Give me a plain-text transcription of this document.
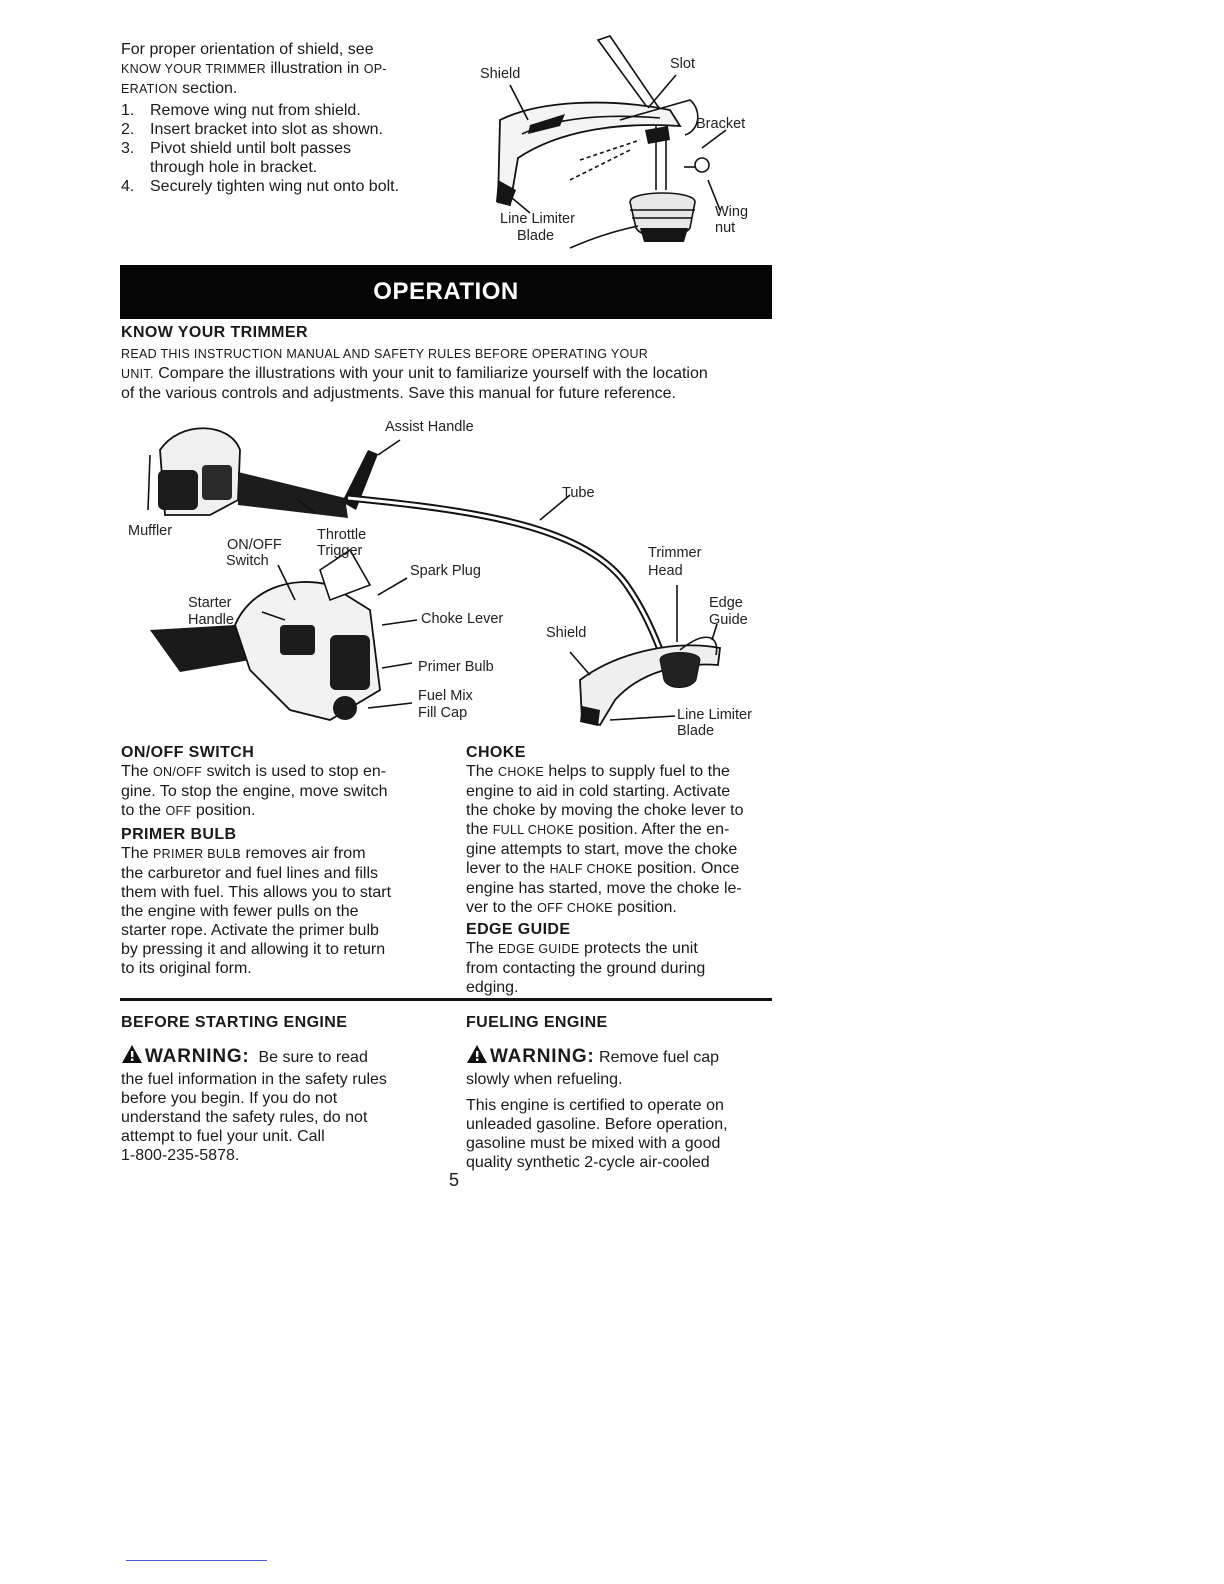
For proper orientation of shield, see
KNOW YOUR TRIMMER illustration in OP-
ERATION section.
1. Remove wing nut from shield.
2. Insert bracket into slot as shown.
3. Pivot shield until bolt passes through hole in bracket.
4. Securely tighten wing nut onto bolt.
Shield
Slot
Bracket
Wing
nut
Line Limiter
Blade
OPERATION
KNOW YOUR TRIMMER
READ THIS INSTRUCTION MANUAL AND SAFETY RULES BEFORE OPERATING YOUR
UNIT. Compare the illustrations with your unit to familiarize yourself with the location
of the various controls and adjustments. Save this manual for future reference.
Assist Handle
Tube
Muffler	Throttle
Trigger
ON/OFF
Switch	Trimmer
Head
Spark Plug
Starter
Handle	Choke Lever
Edge
Guide
Shield
Primer Bulb
Fuel Mix
Fill Cap	Line Limiter
Blade
ON/OFF SWITCH
The ON/OFF switch is used to stop en-
gine. To stop the engine, move switch
to the OFF position.
PRIMER BULB
The PRIMER BULB removes air from
the carburetor and fuel lines and fills
them with fuel. This allows you to start
the engine with fewer pulls on the
starter rope. Activate the primer bulb
by pressing it and allowing it to return
to its original form.
CHOKE
The CHOKE helps to supply fuel to the
engine to aid in cold starting. Activate
the choke by moving the choke lever to
the FULL CHOKE position. After the en-
gine attempts to start, move the choke
lever to the HALF CHOKE position. Once
engine has started, move the choke le-
ver to the OFF CHOKE position.
EDGE GUIDE
The EDGE GUIDE protects the unit
from contacting the ground during
edging.
BEFORE STARTING ENGINE
WARNING: Be sure to read
the fuel information in the safety rules
before you begin. If you do not
understand the safety rules, do not
attempt to fuel your unit. Call
1-800-235-5878.
FUELING ENGINE
WARNING: Remove fuel cap
slowly when refueling.
This engine is certified to operate on
unleaded gasoline. Before operation,
gasoline must be mixed with a good
quality synthetic 2-cycle air-cooled
5
